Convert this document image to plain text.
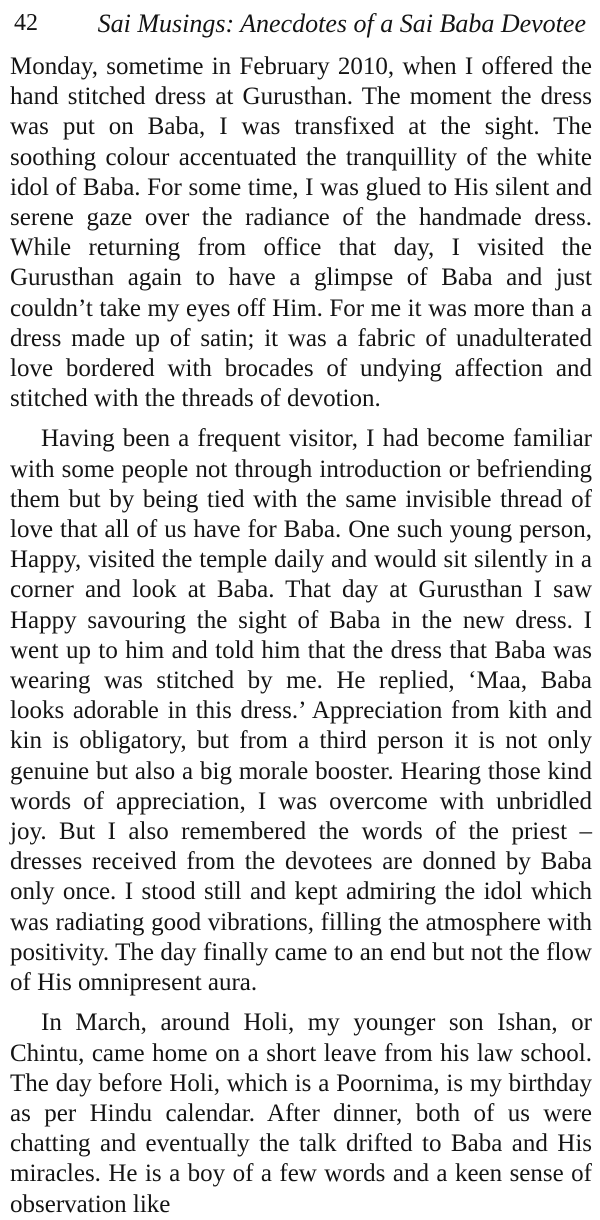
42 Sai Musings: Anecdotes of a Sai Baba Devotee

Monday, sometime in February 2010, when I offered the hand stitched dress at Gurusthan. The moment the dress was put on Baba, I was transfixed at the sight. The soothing colour accentuated the tranquillity of the white idol of Baba. For some time, I was glued to His silent and serene gaze over the radiance of the handmade dress. While returning from office that day, I visited the Gurusthan again to have a glimpse of Baba and just couldn’t take my eyes off Him. For me it was more than a dress made up of satin; it was a fabric of unadulterated love bordered with brocades of undying affection and stitched with the threads of devotion.

Having been a frequent visitor, I had become familiar with some people not through introduction or befriending them but by being tied with the same invisible thread of love that all of us have for Baba. One such young person, Happy, visited the temple daily and would sit silently in a corner and look at Baba. That day at Gurusthan I saw Happy savouring the sight of Baba in the new dress. I went up to him and told him that the dress that Baba was wearing was stitched by me. He replied, ‘Maa, Baba looks adorable in this dress.’ Appreciation from kith and kin is obligatory, but from a third person it is not only genuine but also a big morale booster. Hearing those kind words of appreciation, I was overcome with unbridled joy. But I also remembered the words of the priest – dresses received from the devotees are donned by Baba only once. I stood still and kept admiring the idol which was radiating good vibrations, filling the atmosphere with positivity. The day finally came to an end but not the flow of His omnipresent aura.

In March, around Holi, my younger son Ishan, or Chintu, came home on a short leave from his law school. The day before Holi, which is a Poornima, is my birthday as per Hindu calendar. After dinner, both of us were chatting and eventually the talk drifted to Baba and His miracles. He is a boy of a few words and a keen sense of observation like
